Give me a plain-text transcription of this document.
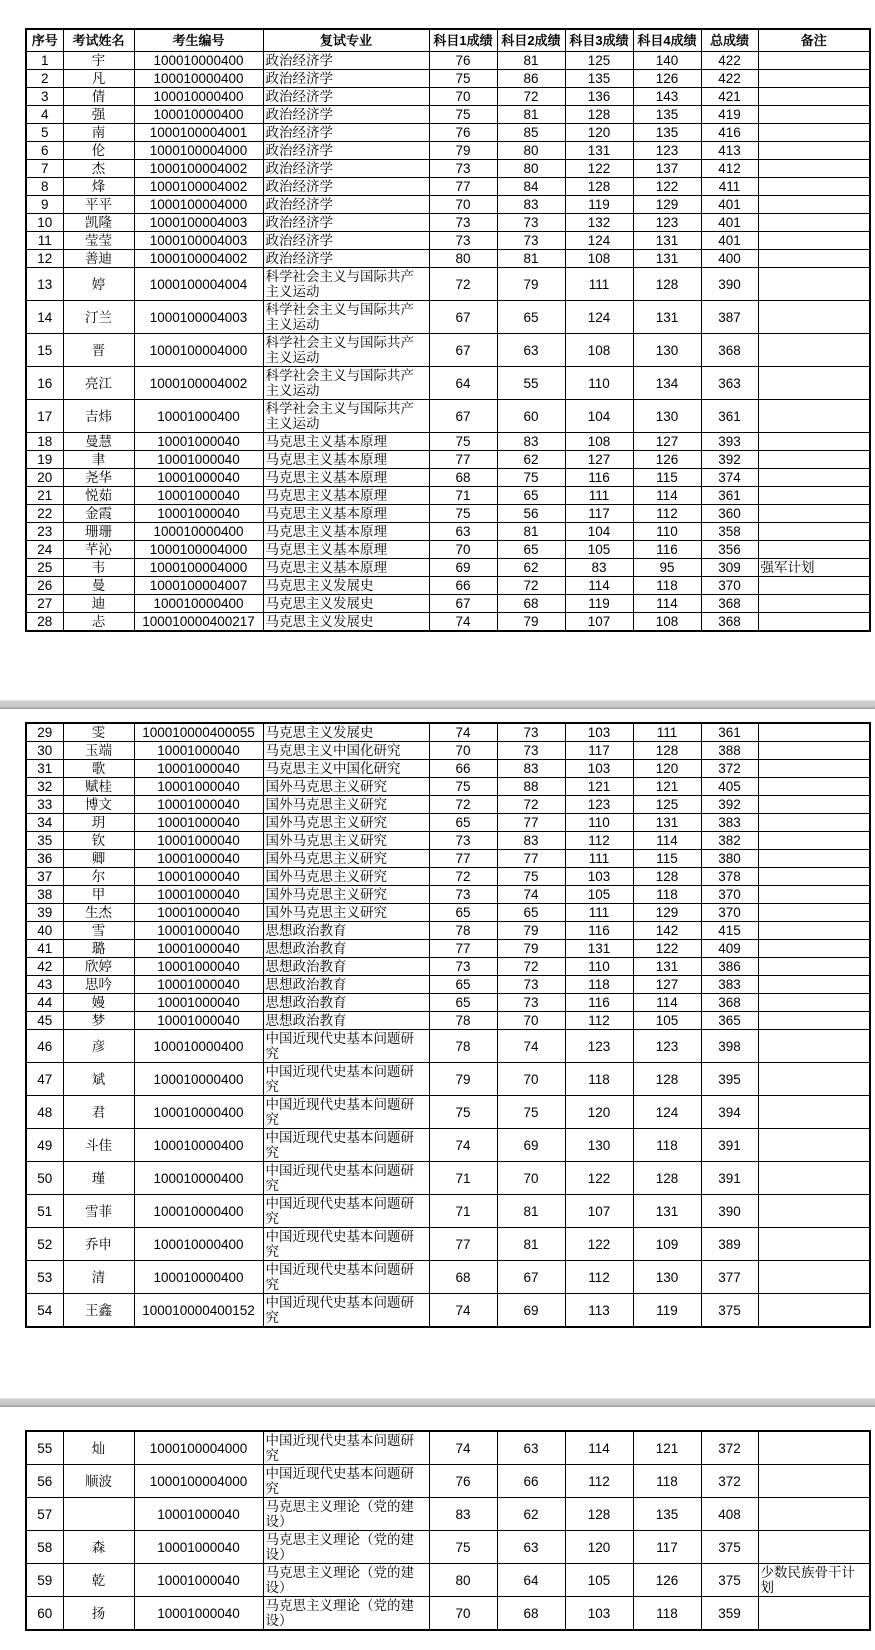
序号	考试姓名	考生编号	复试专业	科目1成绩	科目2成绩	科目3成绩	科目4成绩	总成绩	备注
1	宇	100010000400	政治经济学	76	81	125	140	422	
2	凡	100010000400	政治经济学	75	86	135	126	422	
3	倩	100010000400	政治经济学	70	72	136	143	421	
4	强	100010000400	政治经济学	75	81	128	135	419	
5	南	1000100004001	政治经济学	76	85	120	135	416	
6	伦	1000100004000	政治经济学	79	80	131	123	413	
7	杰	1000100004002	政治经济学	73	80	122	137	412	
8	烽	1000100004002	政治经济学	77	84	128	122	411	
9	平平	1000100004000	政治经济学	70	83	119	129	401	
10	凯隆	1000100004003	政治经济学	73	73	132	123	401	
11	莹莹	1000100004003	政治经济学	73	73	124	131	401	
12	善迪	1000100004002	政治经济学	80	81	108	131	400	
13	婷	1000100004004	科学社会主义与国际共产主义运动	72	79	111	128	390	
14	汀兰	1000100004003	科学社会主义与国际共产主义运动	67	65	124	131	387	
15	晋	1000100004000	科学社会主义与国际共产主义运动	67	63	108	130	368	
16	亮江	1000100004002	科学社会主义与国际共产主义运动	64	55	110	134	363	
17	吉炜	10001000400	科学社会主义与国际共产主义运动	67	60	104	130	361	
18	曼慧	10001000040	马克思主义基本原理	75	83	108	127	393	
19	聿	10001000040	马克思主义基本原理	77	62	127	126	392	
20	尧华	10001000040	马克思主义基本原理	68	75	116	115	374	
21	悦茹	10001000040	马克思主义基本原理	71	65	111	114	361	
22	金霞	10001000040	马克思主义基本原理	75	56	117	112	360	
23	珊珊	100010000400	马克思主义基本原理	63	81	104	110	358	
24	芊沁	1000100004000	马克思主义基本原理	70	65	105	116	356	
25	韦	1000100004000	马克思主义基本原理	69	62	83	95	309	强军计划
26	曼	1000100004007	马克思主义发展史	66	72	114	118	370	
27	迪	100010000400	马克思主义发展史	67	68	119	114	368	
28	忐	100010000400217	马克思主义发展史	74	79	107	108	368	
29	雯	100010000400055	马克思主义发展史	74	73	103	111	361	
30	玉端	10001000040	马克思主义中国化研究	70	73	117	128	388	
31	歌	10001000040	马克思主义中国化研究	66	83	103	120	372	
32	赋桂	10001000040	国外马克思主义研究	75	88	121	121	405	
33	博文	10001000040	国外马克思主义研究	72	72	123	125	392	
34	玥	10001000040	国外马克思主义研究	65	77	110	131	383	
35	钦	10001000040	国外马克思主义研究	73	83	112	114	382	
36	卿	10001000040	国外马克思主义研究	77	77	111	115	380	
37	尔	10001000040	国外马克思主义研究	72	75	103	128	378	
38	甲	10001000040	国外马克思主义研究	73	74	105	118	370	
39	生杰	10001000040	国外马克思主义研究	65	65	111	129	370	
40	雪	10001000040	思想政治教育	78	79	116	142	415	
41	璐	10001000040	思想政治教育	77	79	131	122	409	
42	欣婷	10001000040	思想政治教育	73	72	110	131	386	
43	思吟	10001000040	思想政治教育	65	73	118	127	383	
44	嫚	10001000040	思想政治教育	65	73	116	114	368	
45	梦	10001000040	思想政治教育	78	70	112	105	365	
46	彦	100010000400	中国近现代史基本问题研究	78	74	123	123	398	
47	斌	100010000400	中国近现代史基本问题研究	79	70	118	128	395	
48	君	100010000400	中国近现代史基本问题研究	75	75	120	124	394	
49	斗佳	100010000400	中国近现代史基本问题研究	74	69	130	118	391	
50	瑾	100010000400	中国近现代史基本问题研究	71	70	122	128	391	
51	雪菲	100010000400	中国近现代史基本问题研究	71	81	107	131	390	
52	乔申	100010000400	中国近现代史基本问题研究	77	81	122	109	389	
53	清	100010000400	中国近现代史基本问题研究	68	67	112	130	377	
54	王鑫	100010000400152	中国近现代史基本问题研究	74	69	113	119	375	
55	灿	1000100004000	中国近现代史基本问题研究	74	63	114	121	372	
56	顺波	1000100004000	中国近现代史基本问题研究	76	66	112	118	372	
57		10001000040	马克思主义理论（党的建设）	83	62	128	135	408	
58	森	10001000040	马克思主义理论（党的建设）	75	63	120	117	375	
59	乾	10001000040	马克思主义理论（党的建设）	80	64	105	126	375	少数民族骨干计划
60	扬	10001000040	马克思主义理论（党的建设）	70	68	103	118	359	
